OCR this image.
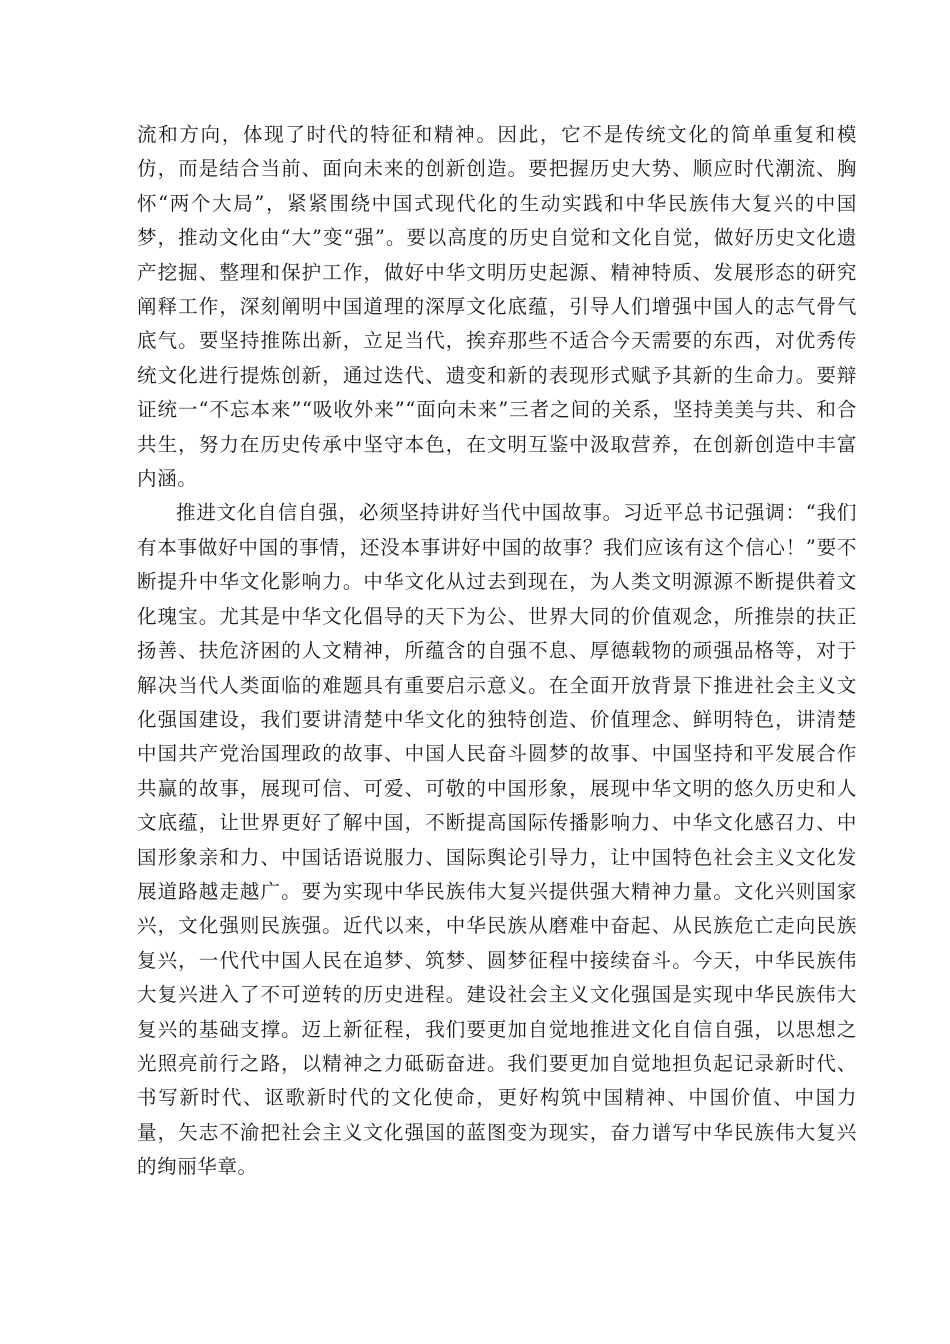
流和方向，体现了时代的特征和精神。因此，它不是传统文化的简单重复和模仿，而是结合当前、面向未来的创新创造。要把握历史大势、顺应时代潮流、胸怀“两个大局”，紧紧围绕中国式现代化的生动实践和中华民族伟大复兴的中国梦，推动文化由“大”变“强”。要以高度的历史自觉和文化自觉，做好历史文化遗产挖掘、整理和保护工作，做好中华文明历史起源、精神特质、发展形态的研究阐释工作，深刻阐明中国道理的深厚文化底蕴，引导人们增强中国人的志气骨气底气。要坚持推陈出新，立足当代，挨弃那些不适合今天需要的东西，对优秀传统文化进行提炼创新，通过迭代、遗变和新的表现形式赋予其新的生命力。要辩证统一“不忘本来”“吸收外来”“面向未来”三者之间的关系，坚持美美与共、和合共生，努力在历史传承中坚守本色，在文明互鉴中汲取营养，在创新创造中丰富内涵。

推进文化自信自强，必须坚持讲好当代中国故事。习近平总书记强调：“我们有本事做好中国的事情，还没本事讲好中国的故事？我们应该有这个信心！”要不断提升中华文化影响力。中华文化从过去到现在，为人类文明源源不断提供着文化瑰宝。尤其是中华文化倡导的天下为公、世界大同的价值观念，所推崇的扶正扬善、扶危济困的人文精神，所蕴含的自强不息、厚德载物的顽强品格等，对于解决当代人类面临的难题具有重要启示意义。在全面开放背景下推进社会主义文化强国建设，我们要讲清楚中华文化的独特创造、价值理念、鲜明特色，讲清楚中国共产党治国理政的故事、中国人民奋斗圆梦的故事、中国坚持和平发展合作共赢的故事，展现可信、可爱、可敬的中国形象，展现中华文明的悠久历史和人文底蕴，让世界更好了解中国，不断提高国际传播影响力、中华文化感召力、中国形象亲和力、中国话语说服力、国际舆论引导力，让中国特色社会主义文化发展道路越走越广。要为实现中华民族伟大复兴提供强大精神力量。文化兴则国家兴，文化强则民族强。近代以来，中华民族从磨难中奋起、从民族危亡走向民族复兴，一代代中国人民在追梦、筑梦、圆梦征程中接续奋斗。今天，中华民族伟大复兴进入了不可逆转的历史进程。建设社会主义文化强国是实现中华民族伟大复兴的基础支撑。迈上新征程，我们要更加自觉地推进文化自信自强，以思想之光照亮前行之路，以精神之力砥砺奋进。我们要更加自觉地担负起记录新时代、书写新时代、讴歌新时代的文化使命，更好构筑中国精神、中国价值、中国力量，矢志不渝把社会主义文化强国的蓝图变为现实，奋力谱写中华民族伟大复兴的绚丽华章。
